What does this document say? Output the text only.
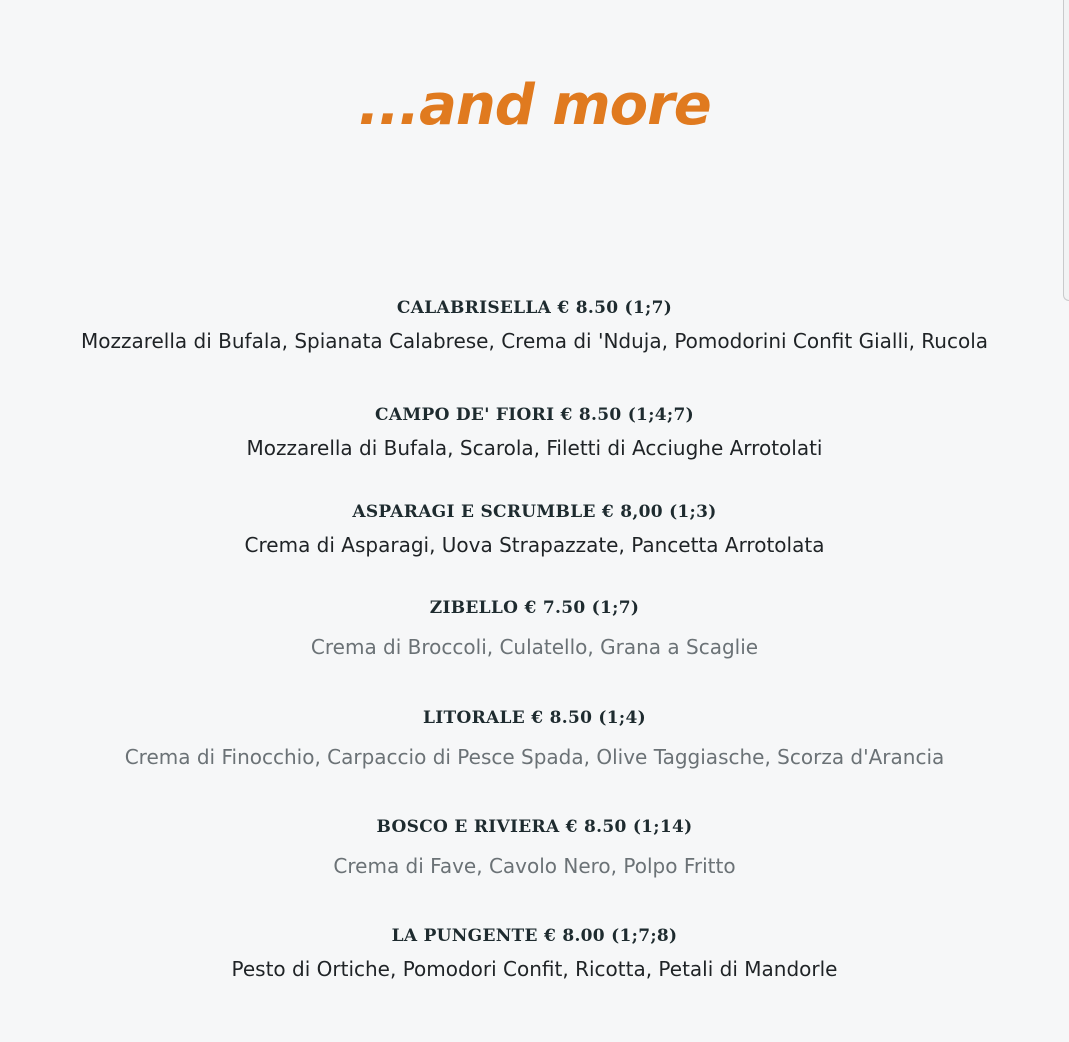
...and more
CALABRISELLA € 8.50 (1;7)
Mozzarella di Bufala, Spianata Calabrese, Crema di 'Nduja, Pomodorini Confit Gialli, Rucola
CAMPO DE' FIORI € 8.50 (1;4;7)
Mozzarella di Bufala, Scarola, Filetti di Acciughe Arrotolati
ASPARAGI E SCRUMBLE € 8,00 (1;3)
Crema di Asparagi, Uova Strapazzate, Pancetta Arrotolata
ZIBELLO € 7.50 (1;7)
Crema di Broccoli, Culatello, Grana a Scaglie
LITORALE € 8.50 (1;4)
Crema di Finocchio, Carpaccio di Pesce Spada, Olive Taggiasche, Scorza d'Arancia
BOSCO E RIVIERA € 8.50 (1;14)
Crema di Fave, Cavolo Nero, Polpo Fritto
LA PUNGENTE € 8.00 (1;7;8)
Pesto di Ortiche, Pomodori Confit, Ricotta, Petali di Mandorle
